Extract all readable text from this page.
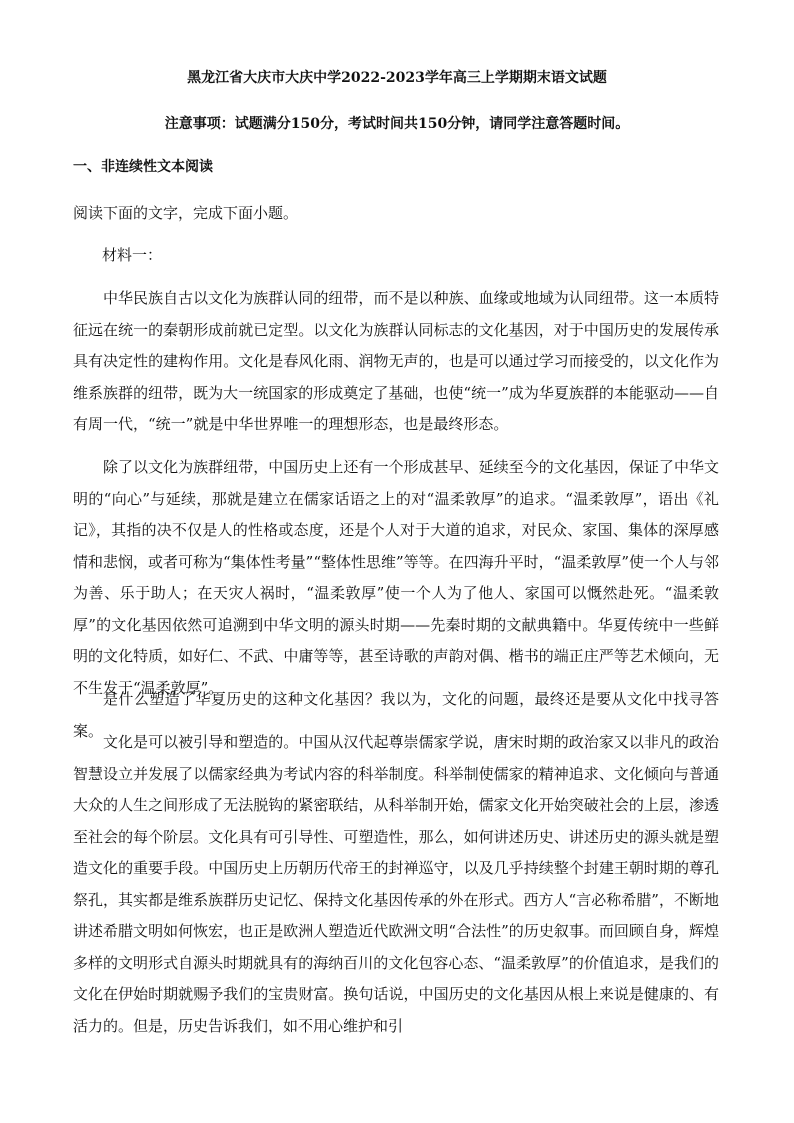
黑龙江省大庆市大庆中学2022-2023学年高三上学期期末语文试题
注意事项：试题满分150分，考试时间共150分钟，请同学注意答题时间。
一、非连续性文本阅读
阅读下面的文字，完成下面小题。
材料一：

中华民族自古以文化为族群认同的纽带，而不是以种族、血缘或地域为认同纽带。这一本质特征远在统一的秦朝形成前就已定型。以文化为族群认同标志的文化基因，对于中国历史的发展传承具有决定性的建构作用。文化是春风化雨、润物无声的，也是可以通过学习而接受的，以文化作为维系族群的纽带，既为大一统国家的形成奠定了基础，也使“统一”成为华夏族群的本能驱动——自有周一代，“统一”就是中华世界唯一的理想形态，也是最终形态。

除了以文化为族群纽带，中国历史上还有一个形成甚早、延续至今的文化基因，保证了中华文明的“向心”与延续，那就是建立在儒家话语之上的对“温柔敦厚”的追求。“温柔敦厚”，语出《礼记》，其指的决不仅是人的性格或态度，还是个人对于大道的追求，对民众、家国、集体的深厚感情和悲悯，或者可称为“集体性考量”“整体性思维”等等。在四海升平时，“温柔敦厚”使一个人与邻为善、乐于助人；在天灾人祸时，“温柔敦厚”使一个人为了他人、家国可以慨然赴死。“温柔敦厚”的文化基因依然可追溯到中华文明的源头时期——先秦时期的文献典籍中。华夏传统中一些鲜明的文化特质，如好仁、不武、中庸等等，甚至诗歌的声韵对偶、楷书的端正庄严等艺术倾向，无不生发于“温柔敦厚”。

是什么塑造了华夏历史的这种文化基因？我以为，文化的问题，最终还是要从文化中找寻答案。

文化是可以被引导和塑造的。中国从汉代起尊崇儒家学说，唐宋时期的政治家又以非凡的政治智慧设立并发展了以儒家经典为考试内容的科举制度。科举制使儒家的精神追求、文化倾向与普通大众的人生之间形成了无法脱钩的紧密联结，从科举制开始，儒家文化开始突破社会的上层，渗透至社会的每个阶层。文化具有可引导性、可塑造性，那么，如何讲述历史、讲述历史的源头就是塑造文化的重要手段。中国历史上历朝历代帝王的封禅巡守，以及几乎持续整个封建王朝时期的尊孔祭孔，其实都是维系族群历史记忆、保持文化基因传承的外在形式。西方人“言必称希腊”，不断地讲述希腊文明如何恢宏，也正是欧洲人塑造近代欧洲文明“合法性”的历史叙事。而回顾自身，辉煌多样的文明形式自源头时期就具有的海纳百川的文化包容心态、“温柔敦厚”的价值追求，是我们的文化在伊始时期就赐予我们的宝贵财富。换句话说，中国历史的文化基因从根上来说是健康的、有活力的。但是，历史告诉我们，如不用心维护和引
